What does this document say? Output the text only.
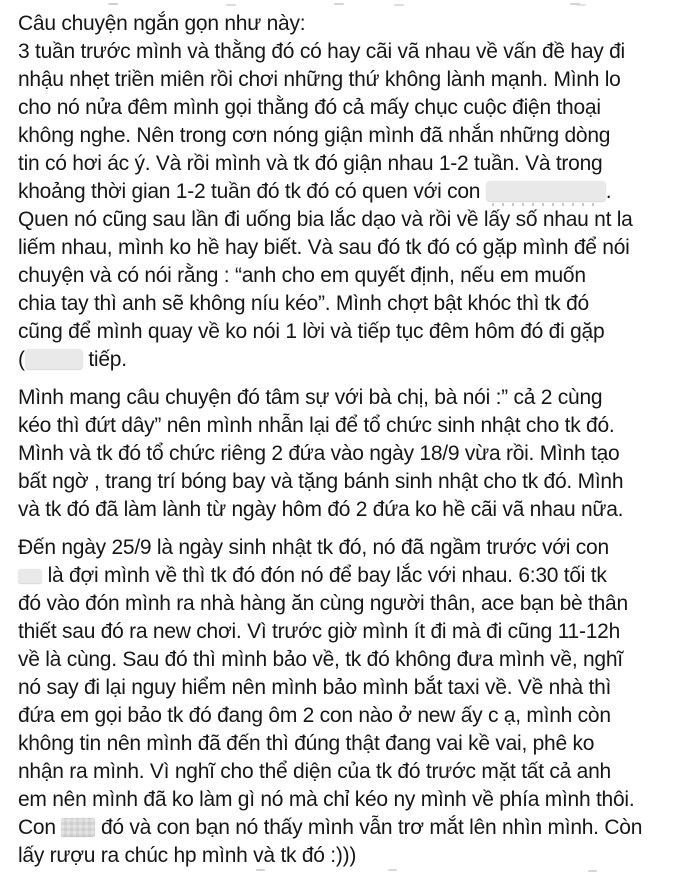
Câu chuyện ngắn gọn như này:
3 tuần trước mình và thằng đó có hay cãi vã nhau về vấn đề hay đi
nhậu nhẹt triền miên rồi chơi những thứ không lành mạnh. Mình lo
cho nó nửa đêm mình gọi thằng đó cả mấy chục cuộc điện thoại
không nghe. Nên trong cơn nóng giận mình đã nhắn những dòng
tin có hơi ác ý. Và rồi mình và tk đó giận nhau 1-2 tuần. Và trong
khoảng thời gian 1-2 tuần đó tk đó có quen với con	.
Quen nó cũng sau lần đi uống bia lắc dạo và rồi về lấy số nhau nt la
liếm nhau, mình ko hề hay biết. Và sau đó tk đó có gặp mình để nói
chuyện và có nói rằng : “anh cho em quyết định, nếu em muốn
chia tay thì anh sẽ không níu kéo”. Mình chợt bật khóc thì tk đó
cũng để mình quay về ko nói 1 lời và tiếp tục đêm hôm đó đi gặp
(	tiếp.
Mình mang câu chuyện đó tâm sự với bà chị, bà nói :” cả 2 cùng
kéo thì đứt dây” nên mình nhẫn lại để tổ chức sinh nhật cho tk đó.
Mình và tk đó tổ chức riêng 2 đứa vào ngày 18/9 vừa rồi. Mình tạo
bất ngờ , trang trí bóng bay và tặng bánh sinh nhật cho tk đó. Mình
và tk đó đã làm lành từ ngày hôm đó 2 đứa ko hề cãi vã nhau nữa.
Đến ngày 25/9 là ngày sinh nhật tk đó, nó đã ngầm trước với con
là đợi mình về thì tk đó đón nó để bay lắc với nhau. 6:30 tối tk
đó vào đón mình ra nhà hàng ăn cùng người thân, ace bạn bè thân
thiết sau đó ra new chơi. Vì trước giờ mình ít đi mà đi cũng 11-12h
về là cùng. Sau đó thì mình bảo về, tk đó không đưa mình về, nghĩ
nó say đi lại nguy hiểm nên mình bảo mình bắt taxi về. Về nhà thì
đứa em gọi bảo tk đó đang ôm 2 con nào ở new ấy c ạ, mình còn
không tin nên mình đã đến thì đúng thật đang vai kề vai, phê ko
nhận ra mình. Vì nghĩ cho thể diện của tk đó trước mặt tất cả anh
em nên mình đã ko làm gì nó mà chỉ kéo ny mình về phía mình thôi.
Con  đó và con bạn nó thấy mình vẫn trơ mắt lên nhìn mình. Còn
lấy rượu ra chúc hp mình và tk đó :)))
